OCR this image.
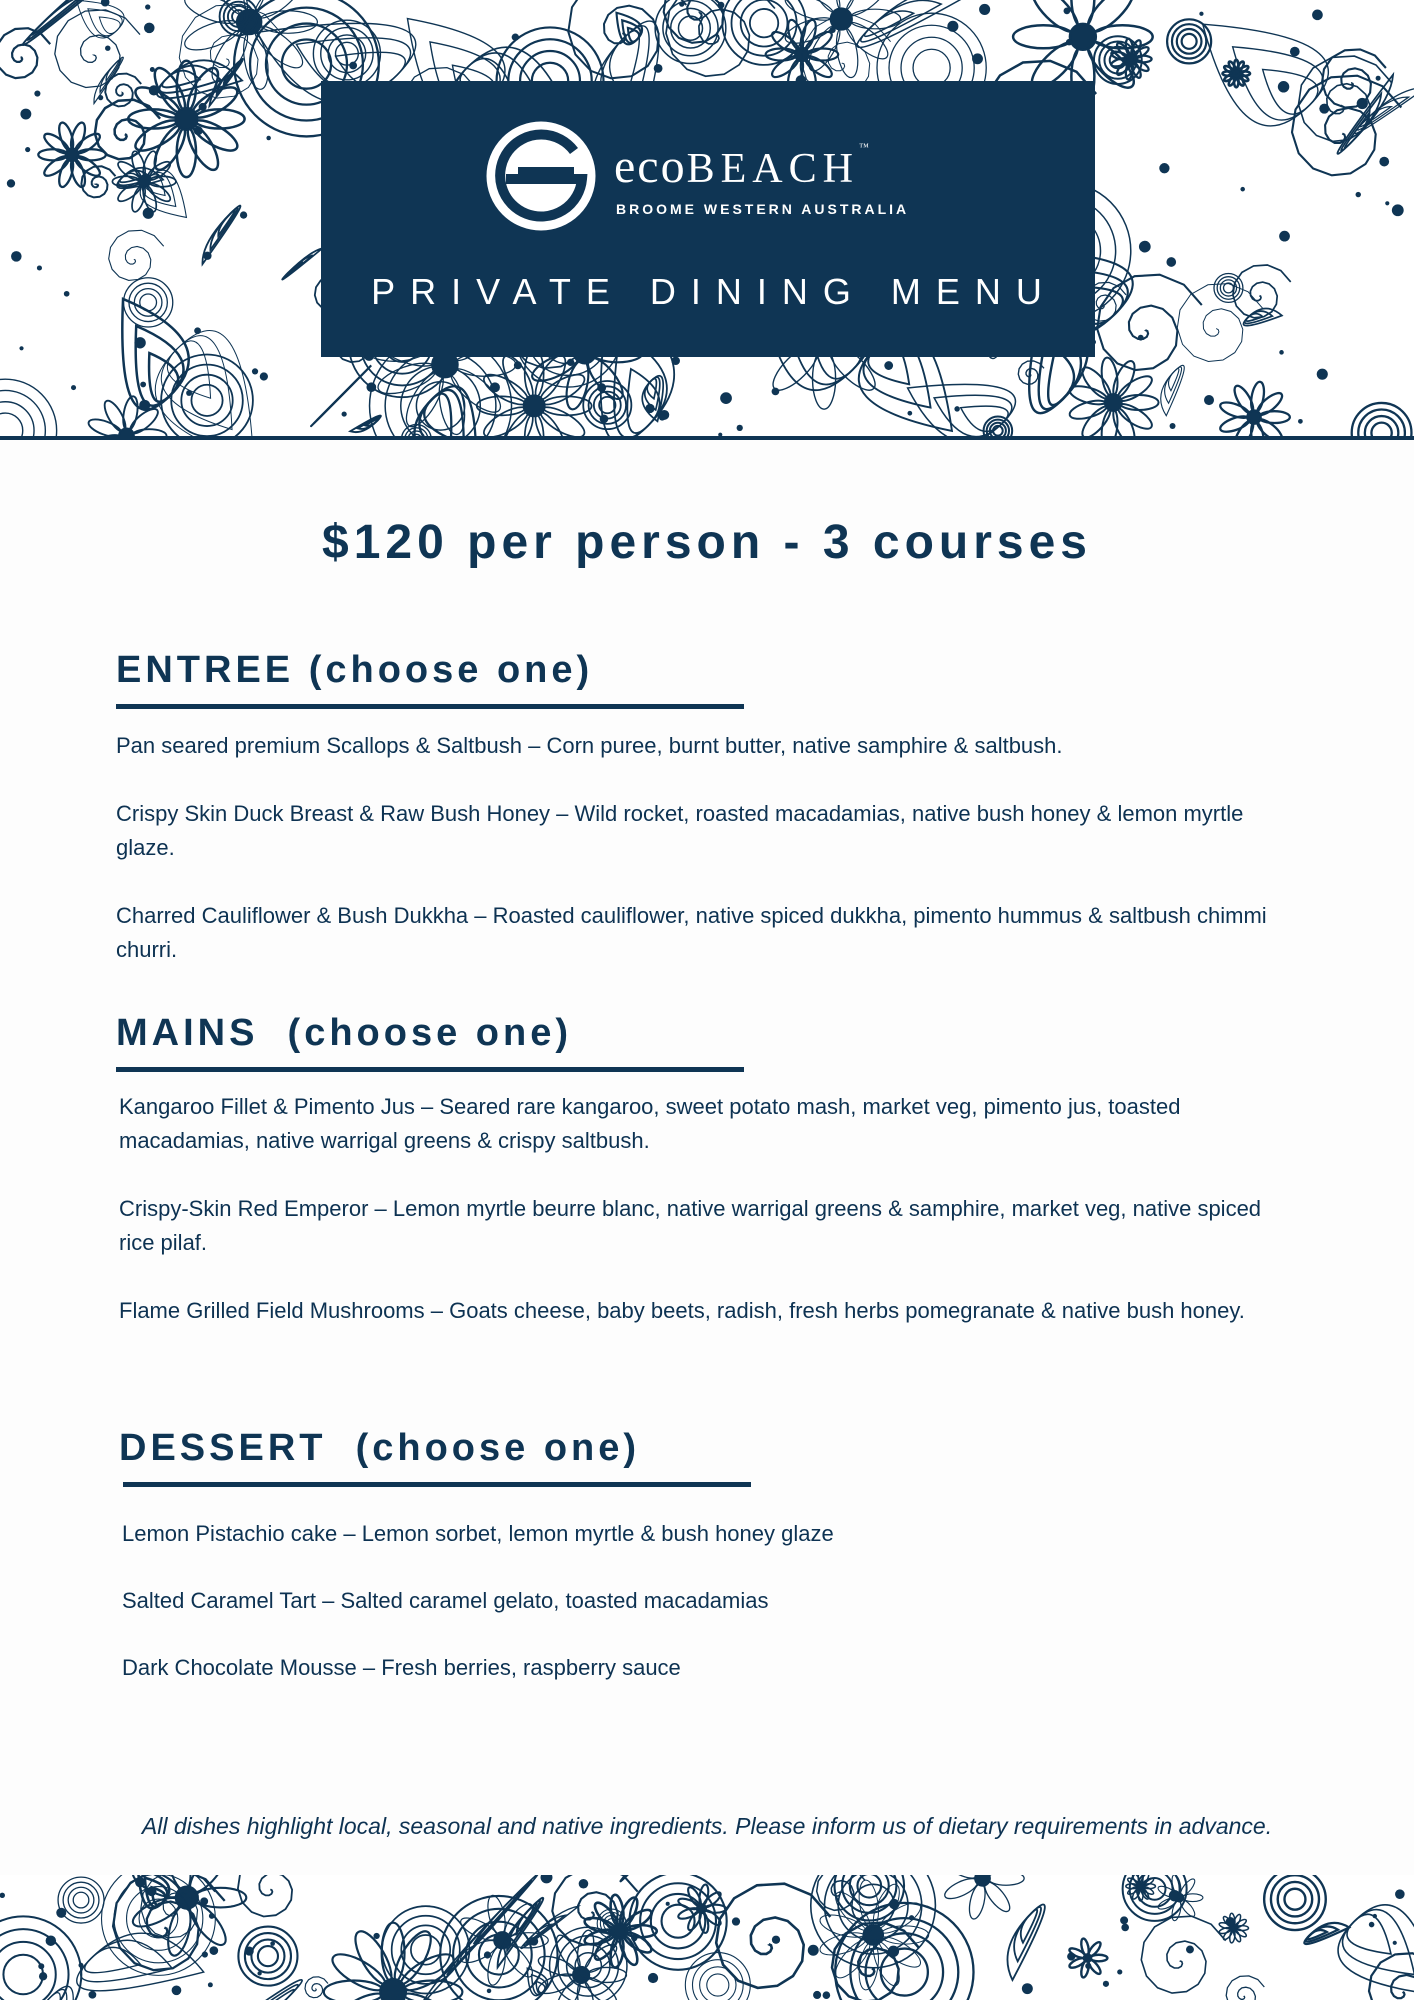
ecoBEACH™
BROOME WESTERN AUSTRALIA
PRIVATE DINING MENU
$120 per person - 3 courses
ENTREE (choose one)

Pan seared premium Scallops & Saltbush – Corn puree, burnt butter, native samphire & saltbush.

Crispy Skin Duck Breast & Raw Bush Honey – Wild rocket, roasted macadamias, native bush honey & lemon myrtle glaze.

Charred Cauliflower & Bush Dukkha – Roasted cauliflower, native spiced dukkha, pimento hummus & saltbush chimmi churri.

MAINS  (choose one)

Kangaroo Fillet & Pimento Jus – Seared rare kangaroo, sweet potato mash, market veg, pimento jus, toasted macadamias, native warrigal greens & crispy saltbush.

Crispy-Skin Red Emperor – Lemon myrtle beurre blanc, native warrigal greens & samphire, market veg, native spiced rice pilaf.

Flame Grilled Field Mushrooms – Goats cheese, baby beets, radish, fresh herbs pomegranate & native bush honey.

DESSERT  (choose one)

Lemon Pistachio cake – Lemon sorbet, lemon myrtle & bush honey glaze

Salted Caramel Tart – Salted caramel gelato, toasted macadamias

Dark Chocolate Mousse – Fresh berries, raspberry sauce

All dishes highlight local, seasonal and native ingredients. Please inform us of dietary requirements in advance.
